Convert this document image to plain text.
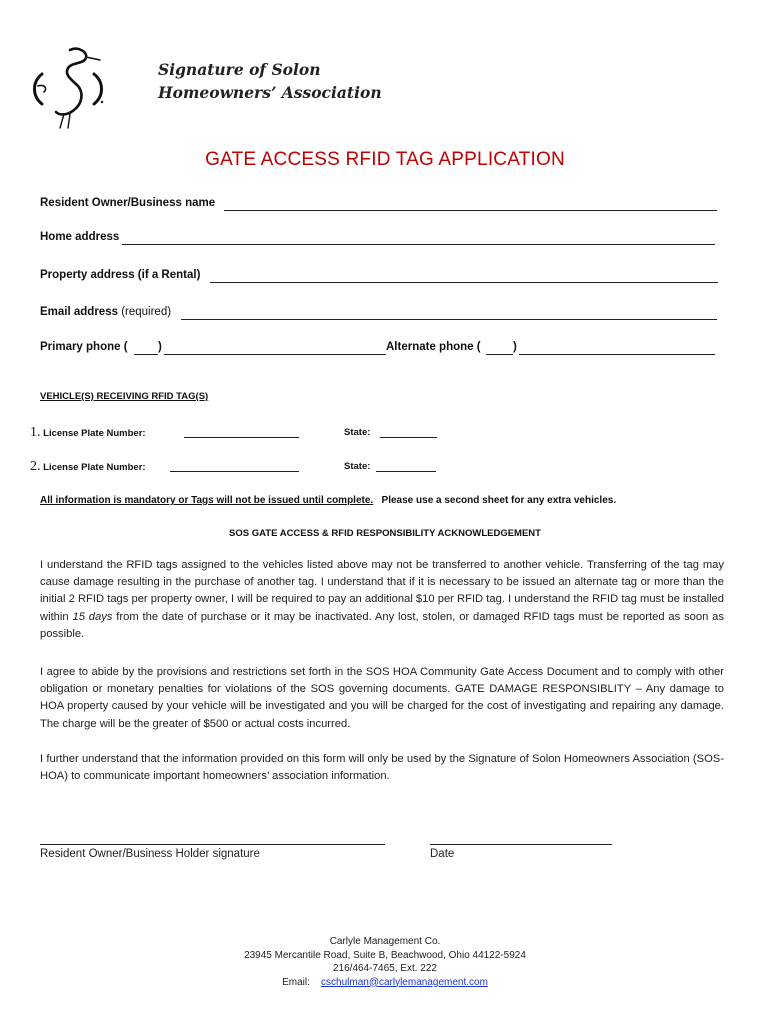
Signature of Solon
Homeowners’ Association
GATE ACCESS RFID TAG APPLICATION
Resident Owner/Business name
Home address
Property address (if a Rental)
Email address (required)
Primary phone (	)	Alternate phone (	)
VEHICLE(S) RECEIVING RFID TAG(S)
1. License Plate Number:	State:
2. License Plate Number:	State:
All information is mandatory or Tags will not be issued until complete. Please use a second sheet for any extra vehicles.
SOS GATE ACCESS & RFID RESPONSIBILITY ACKNOWLEDGEMENT
I understand the RFID tags assigned to the vehicles listed above may not be transferred to another vehicle. Transferring of the tag may cause damage resulting in the purchase of another tag. I understand that if it is necessary to be issued an alternate tag or more than the initial 2 RFID tags per property owner, I will be required to pay an additional $10 per RFID tag. I understand the RFID tag must be installed within 15 days from the date of purchase or it may be inactivated. Any lost, stolen, or damaged RFID tags must be reported as soon as possible.
I agree to abide by the provisions and restrictions set forth in the SOS HOA Community Gate Access Document and to comply with other obligation or monetary penalties for violations of the SOS governing documents. GATE DAMAGE RESPONSIBLITY – Any damage to HOA property caused by your vehicle will be investigated and you will be charged for the cost of investigating and repairing any damage. The charge will be the greater of $500 or actual costs incurred.
I further understand that the information provided on this form will only be used by the Signature of Solon Homeowners Association (SOS-HOA) to communicate important homeowners’ association information.
Resident Owner/Business Holder signature	Date
Carlyle Management Co.
23945 Mercantile Road, Suite B, Beachwood, Ohio 44122-5924
216/464-7465, Ext. 222
Email: cschulman@carlylemanagement.com
